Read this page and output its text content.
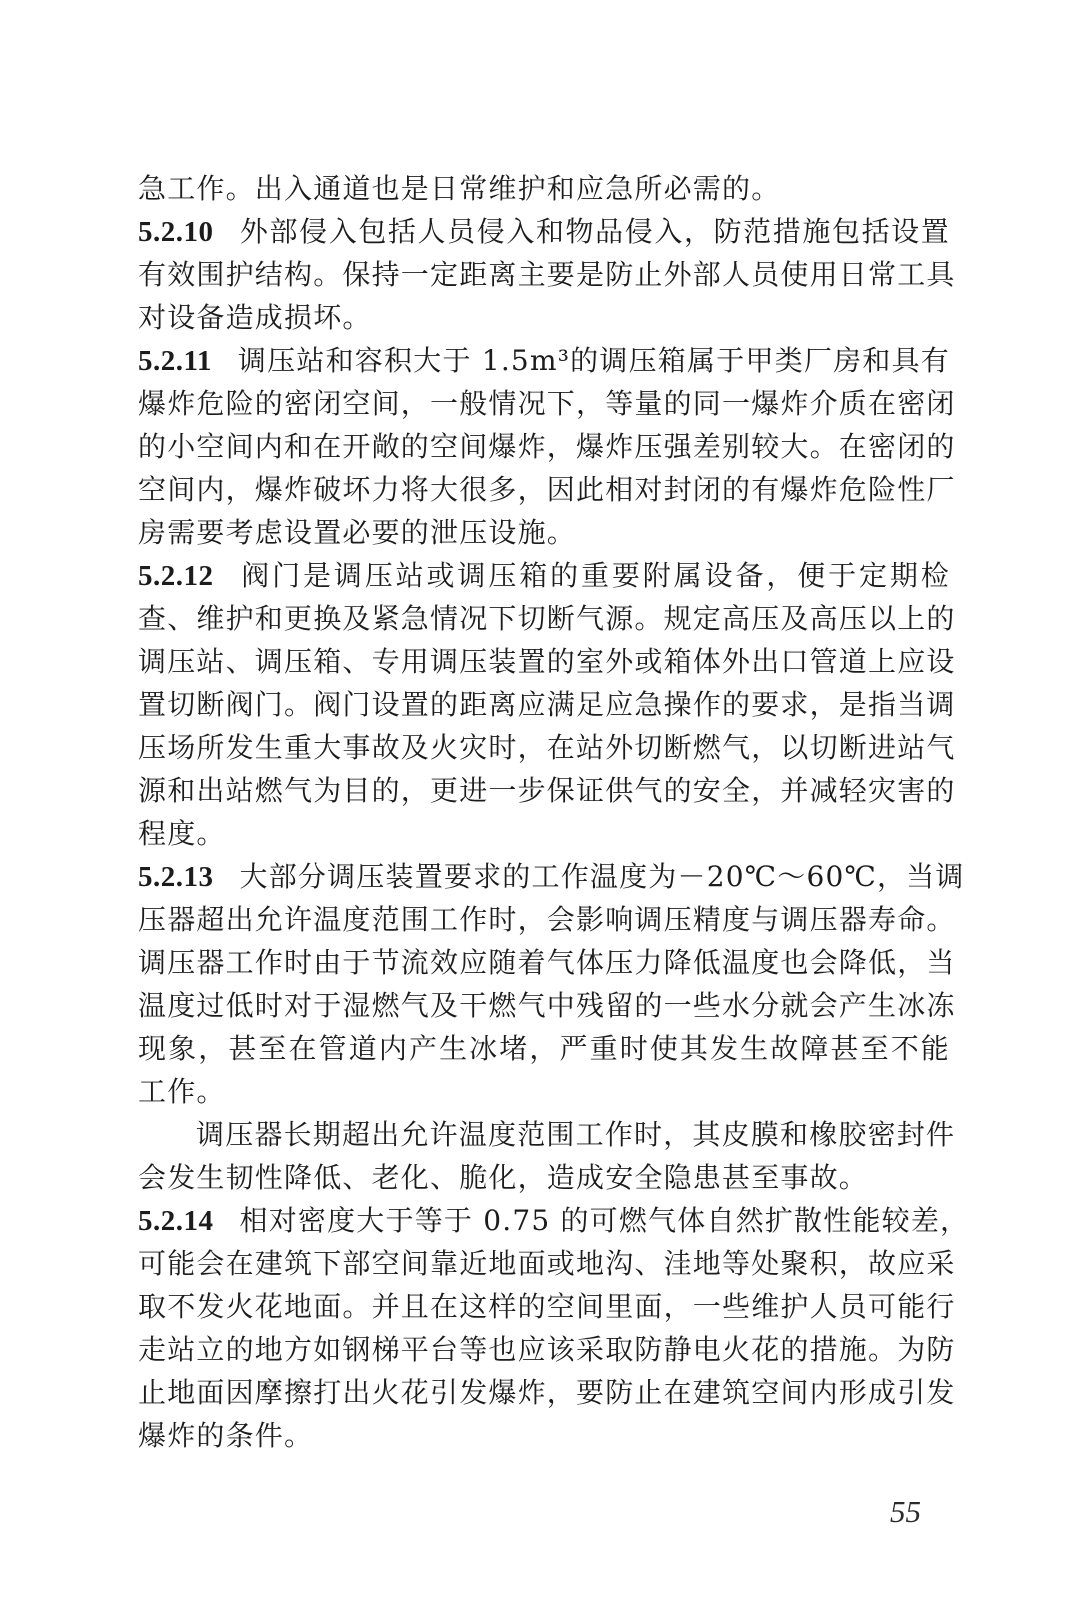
急工作。出入通道也是日常维护和应急所必需的。
5.2.10 外部侵入包括人员侵入和物品侵入，防范措施包括设置
有效围护结构。保持一定距离主要是防止外部人员使用日常工具
对设备造成损坏。
5.2.11 调压站和容积大于 1.5m³的调压箱属于甲类厂房和具有
爆炸危险的密闭空间，一般情况下，等量的同一爆炸介质在密闭
的小空间内和在开敞的空间爆炸，爆炸压强差别较大。在密闭的
空间内，爆炸破坏力将大很多，因此相对封闭的有爆炸危险性厂
房需要考虑设置必要的泄压设施。
5.2.12 阀门是调压站或调压箱的重要附属设备，便于定期检
查、维护和更换及紧急情况下切断气源。规定高压及高压以上的
调压站、调压箱、专用调压装置的室外或箱体外出口管道上应设
置切断阀门。阀门设置的距离应满足应急操作的要求，是指当调
压场所发生重大事故及火灾时，在站外切断燃气，以切断进站气
源和出站燃气为目的，更进一步保证供气的安全，并减轻灾害的
程度。
5.2.13 大部分调压装置要求的工作温度为－20℃～60℃，当调
压器超出允许温度范围工作时，会影响调压精度与调压器寿命。
调压器工作时由于节流效应随着气体压力降低温度也会降低，当
温度过低时对于湿燃气及干燃气中残留的一些水分就会产生冰冻
现象，甚至在管道内产生冰堵，严重时使其发生故障甚至不能
工作。
调压器长期超出允许温度范围工作时，其皮膜和橡胶密封件
会发生韧性降低、老化、脆化，造成安全隐患甚至事故。
5.2.14 相对密度大于等于 0.75 的可燃气体自然扩散性能较差，
可能会在建筑下部空间靠近地面或地沟、洼地等处聚积，故应采
取不发火花地面。并且在这样的空间里面，一些维护人员可能行
走站立的地方如钢梯平台等也应该采取防静电火花的措施。为防
止地面因摩擦打出火花引发爆炸，要防止在建筑空间内形成引发
爆炸的条件。
55
